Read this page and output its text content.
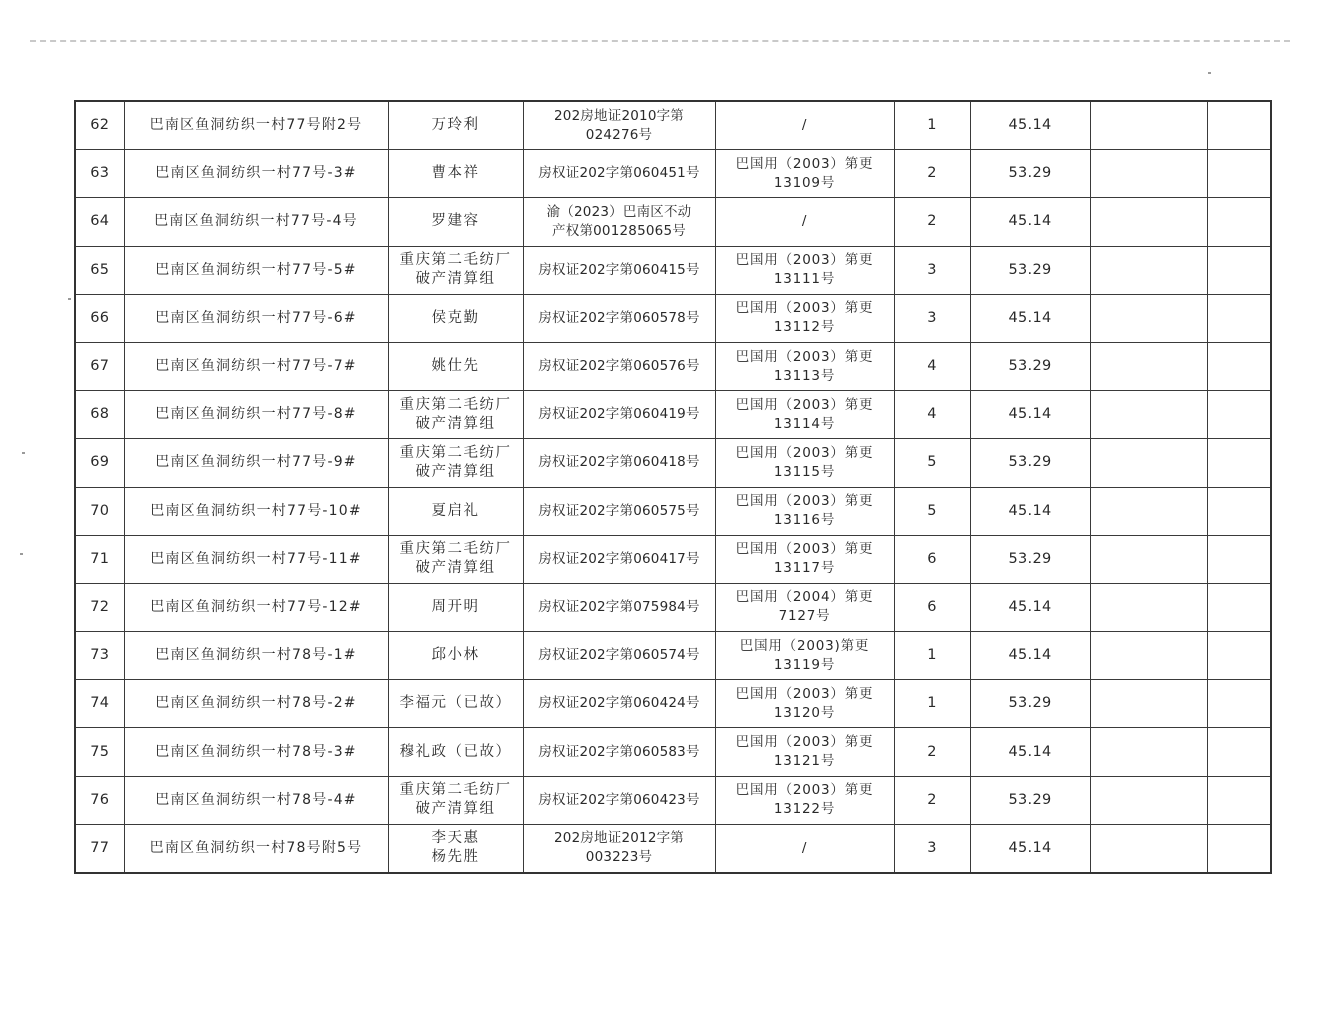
62	巴南区鱼洞纺织一村77号附2号	万玲利	202房地证2010字第
024276号	/	1	45.14		
63	巴南区鱼洞纺织一村77号-3#	曹本祥	房权证202字第060451号	巴国用（2003）第更
13109号	2	53.29		
64	巴南区鱼洞纺织一村77号-4号	罗建容	渝（2023）巴南区不动
产权第001285065号	/	2	45.14		
65	巴南区鱼洞纺织一村77号-5#	重庆第二毛纺厂
破产清算组	房权证202字第060415号	巴国用（2003）第更
13111号	3	53.29		
66	巴南区鱼洞纺织一村77号-6#	侯克勤	房权证202字第060578号	巴国用（2003）第更
13112号	3	45.14		
67	巴南区鱼洞纺织一村77号-7#	姚仕先	房权证202字第060576号	巴国用（2003）第更
13113号	4	53.29		
68	巴南区鱼洞纺织一村77号-8#	重庆第二毛纺厂
破产清算组	房权证202字第060419号	巴国用（2003）第更
13114号	4	45.14		
69	巴南区鱼洞纺织一村77号-9#	重庆第二毛纺厂
破产清算组	房权证202字第060418号	巴国用（2003）第更
13115号	5	53.29		
70	巴南区鱼洞纺织一村77号-10#	夏启礼	房权证202字第060575号	巴国用（2003）第更
13116号	5	45.14		
71	巴南区鱼洞纺织一村77号-11#	重庆第二毛纺厂
破产清算组	房权证202字第060417号	巴国用（2003）第更
13117号	6	53.29		
72	巴南区鱼洞纺织一村77号-12#	周开明	房权证202字第075984号	巴国用（2004）第更
7127号	6	45.14		
73	巴南区鱼洞纺织一村78号-1#	邱小林	房权证202字第060574号	巴国用（2003)第更
13119号	1	45.14		
74	巴南区鱼洞纺织一村78号-2#	李福元（已故）	房权证202字第060424号	巴国用（2003）第更
13120号	1	53.29		
75	巴南区鱼洞纺织一村78号-3#	穆礼政（已故）	房权证202字第060583号	巴国用（2003）第更
13121号	2	45.14		
76	巴南区鱼洞纺织一村78号-4#	重庆第二毛纺厂
破产清算组	房权证202字第060423号	巴国用（2003）第更
13122号	2	53.29		
77	巴南区鱼洞纺织一村78号附5号	李天惠
杨先胜	202房地证2012字第
003223号	/	3	45.14		
